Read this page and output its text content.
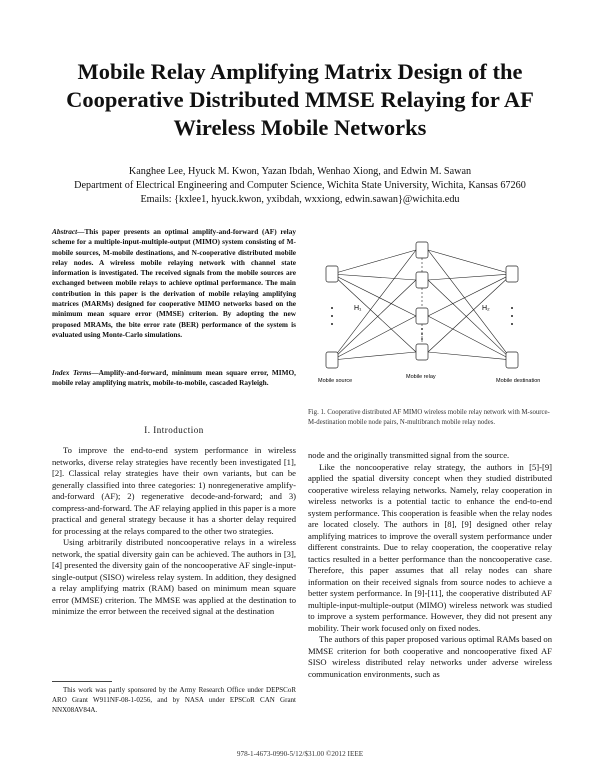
Mobile Relay Amplifying Matrix Design of the Cooperative Distributed MMSE Relaying for AF Wireless Mobile Networks
Kanghee Lee, Hyuck M. Kwon, Yazan Ibdah, Wenhao Xiong, and Edwin M. Sawan
Department of Electrical Engineering and Computer Science, Wichita State University, Wichita, Kansas 67260
Emails: {kxlee1, hyuck.kwon, yxibdah, wxxiong, edwin.sawan}@wichita.edu
Abstract—This paper presents an optimal amplify-and-forward (AF) relay scheme for a multiple-input-multiple-output (MIMO) system consisting of M-mobile sources, M-mobile destinations, and N-cooperative distributed mobile relay nodes. A wireless mobile relaying network with channel state information is investigated. The received signals from the mobile sources are exchanged between mobile relays to achieve optimal performance. The main contribution in this paper is the derivation of mobile relaying amplifying matrices (MARMs) designed for cooperative MIMO networks based on the minimum mean square error (MMSE) criterion. By adopting the new proposed MRAMs, the bite error rate (BER) performance of the system is evaluated using Monte-Carlo simulations.
Index Terms—Amplify-and-forward, minimum mean square error, MIMO, mobile relay amplifying matrix, mobile-to-mobile, cascaded Rayleigh.
I. Introduction

To improve the end-to-end system performance in wireless networks, diverse relay strategies have recently been investigated [1], [2]. Classical relay strategies have their own variants, but can be generally classified into three categories: 1) nonregenerative amplify-and-forward (AF); 2) regenerative decode-and-forward; and 3) compress-and-forward. The AF relaying applied in this paper is a more practical and general strategy because it has a shorter delay required for processing at the relays compared to the other two strategies.

Using arbitrarily distributed noncooperative relays in a wireless network, the spatial diversity gain can be achieved. The authors in [3], [4] presented the diversity gain of the noncooperative AF single-input-single-output (SISO) wireless relay system. In addition, they designed a relay amplifying matrix (RAM) based on minimum mean square error (MMSE) criterion. The MMSE was applied at the destination to minimize the error between the received signal at the destination

This work was partly sponsored by the Army Research Office under DEPSCoR ARO Grant W911NF-08-1-0256, and by NASA under EPSCoR CAN Grant NNX08AV84A.
H₁	H₂
Mobile source
Mobile relay
Mobile destination
Fig. 1. Cooperative distributed AF MIMO wireless mobile relay network with M-source-M-destination mobile node pairs, N-multibranch mobile relay nodes.

node and the originally transmitted signal from the source.

Like the noncooperative relay strategy, the authors in [5]-[9] applied the spatial diversity concept when they studied distributed cooperative wireless relaying networks. Namely, relay cooperation in wireless networks is a potential tactic to enhance the end-to-end system performance. This cooperation is feasible when the relay nodes are located closely. The authors in [8], [9] designed other relay amplifying matrices to improve the overall system performance under different constraints. Due to relay cooperation, the cooperative relay tactics resulted in a better performance than the noncooperative case. Therefore, this paper assumes that all relay nodes can share information on their received signals from source nodes to achieve a better system performance. In [9]-[11], the cooperative distributed AF multiple-input-multiple-output (MIMO) wireless network was studied to improve a system performance. However, they did not present any mobility. Their work focused only on fixed nodes.

The authors of this paper proposed various optimal RAMs based on MMSE criterion for both cooperative and noncooperative fixed AF SISO wireless distributed relay networks under adverse wireless communication environments, such as

978-1-4673-0990-5/12/$31.00 ©2012 IEEE
